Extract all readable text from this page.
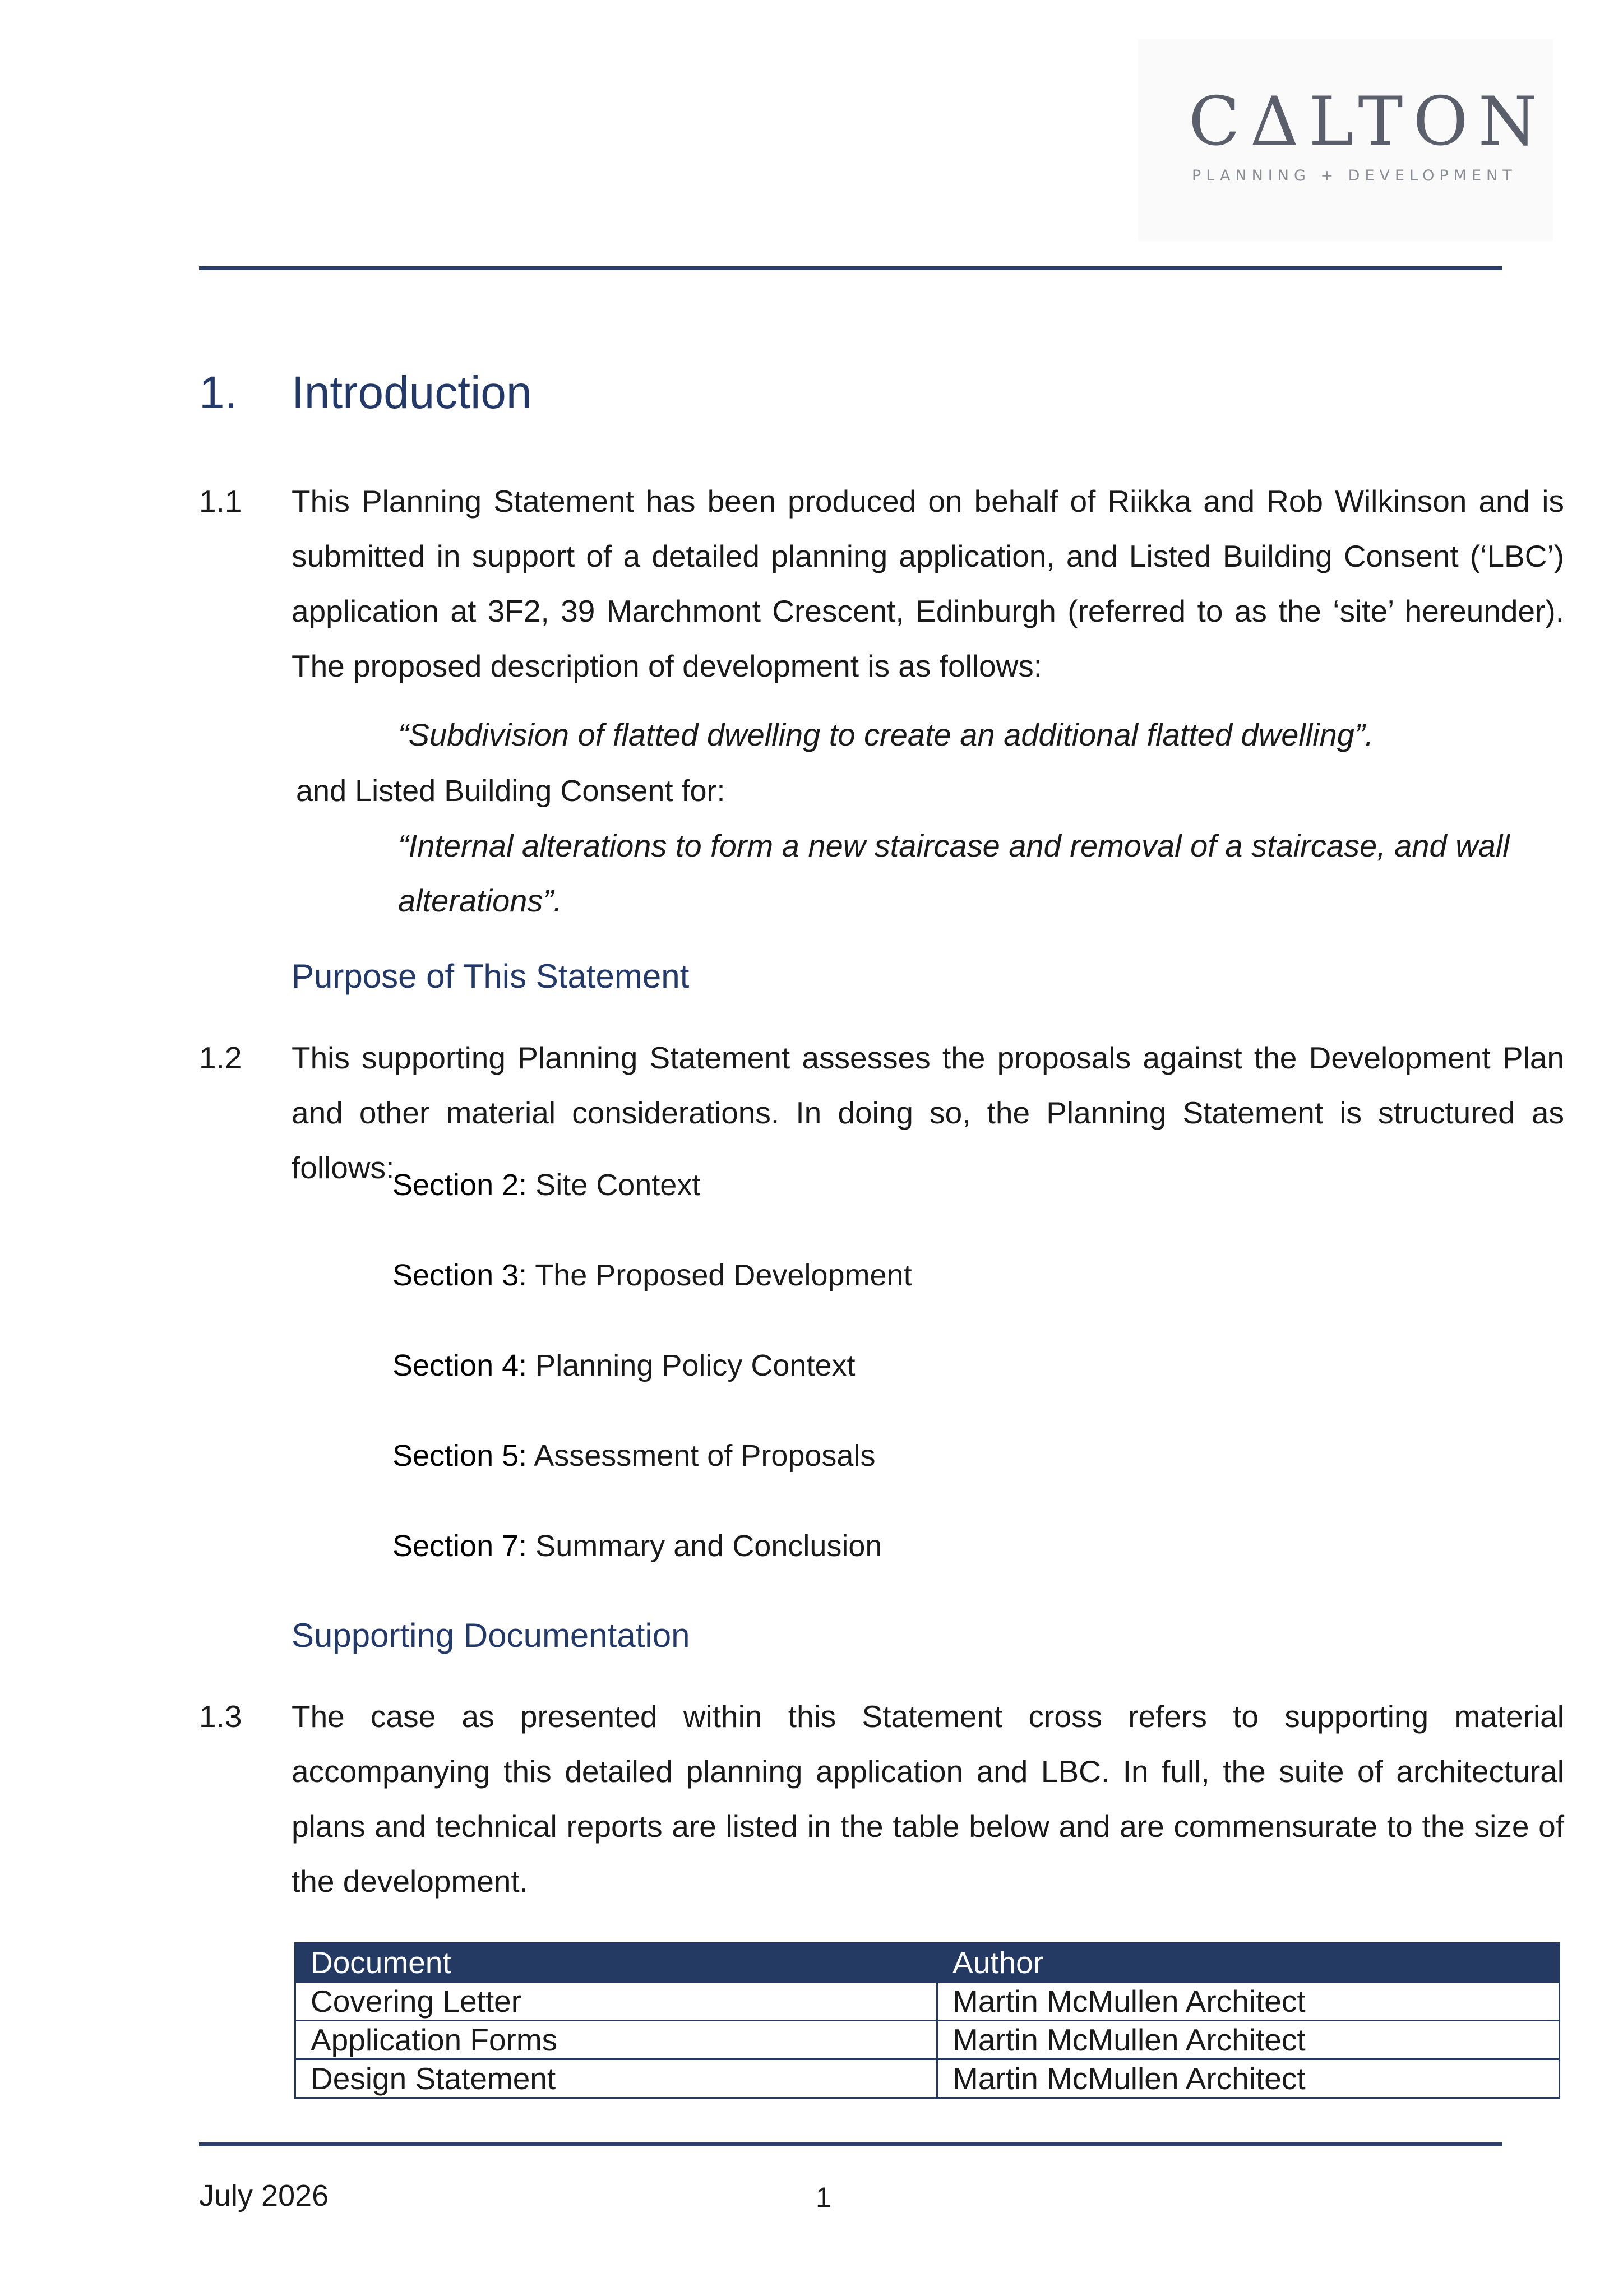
CΔLTON
PLANNING + DEVELOPMENT
1. Introduction
1.1 This Planning Statement has been produced on behalf of Riikka and Rob Wilkinson and is submitted in support of a detailed planning application, and Listed Building Consent (‘LBC’) application at 3F2, 39 Marchmont Crescent, Edinburgh (referred to as the ‘site’ hereunder). The proposed description of development is as follows:
“Subdivision of flatted dwelling to create an additional flatted dwelling”.
and Listed Building Consent for:
“Internal alterations to form a new staircase and removal of a staircase, and wall alterations”.
Purpose of This Statement
1.2 This supporting Planning Statement assesses the proposals against the Development Plan and other material considerations. In doing so, the Planning Statement is structured as follows:
Section 2: Site Context
Section 3: The Proposed Development
Section 4: Planning Policy Context
Section 5: Assessment of Proposals
Section 7: Summary and Conclusion
Supporting Documentation
1.3 The case as presented within this Statement cross refers to supporting material accompanying this detailed planning application and LBC. In full, the suite of architectural plans and technical reports are listed in the table below and are commensurate to the size of the development.
Document	Author
Covering Letter	Martin McMullen Architect
Application Forms	Martin McMullen Architect
Design Statement	Martin McMullen Architect
July 2026	1
